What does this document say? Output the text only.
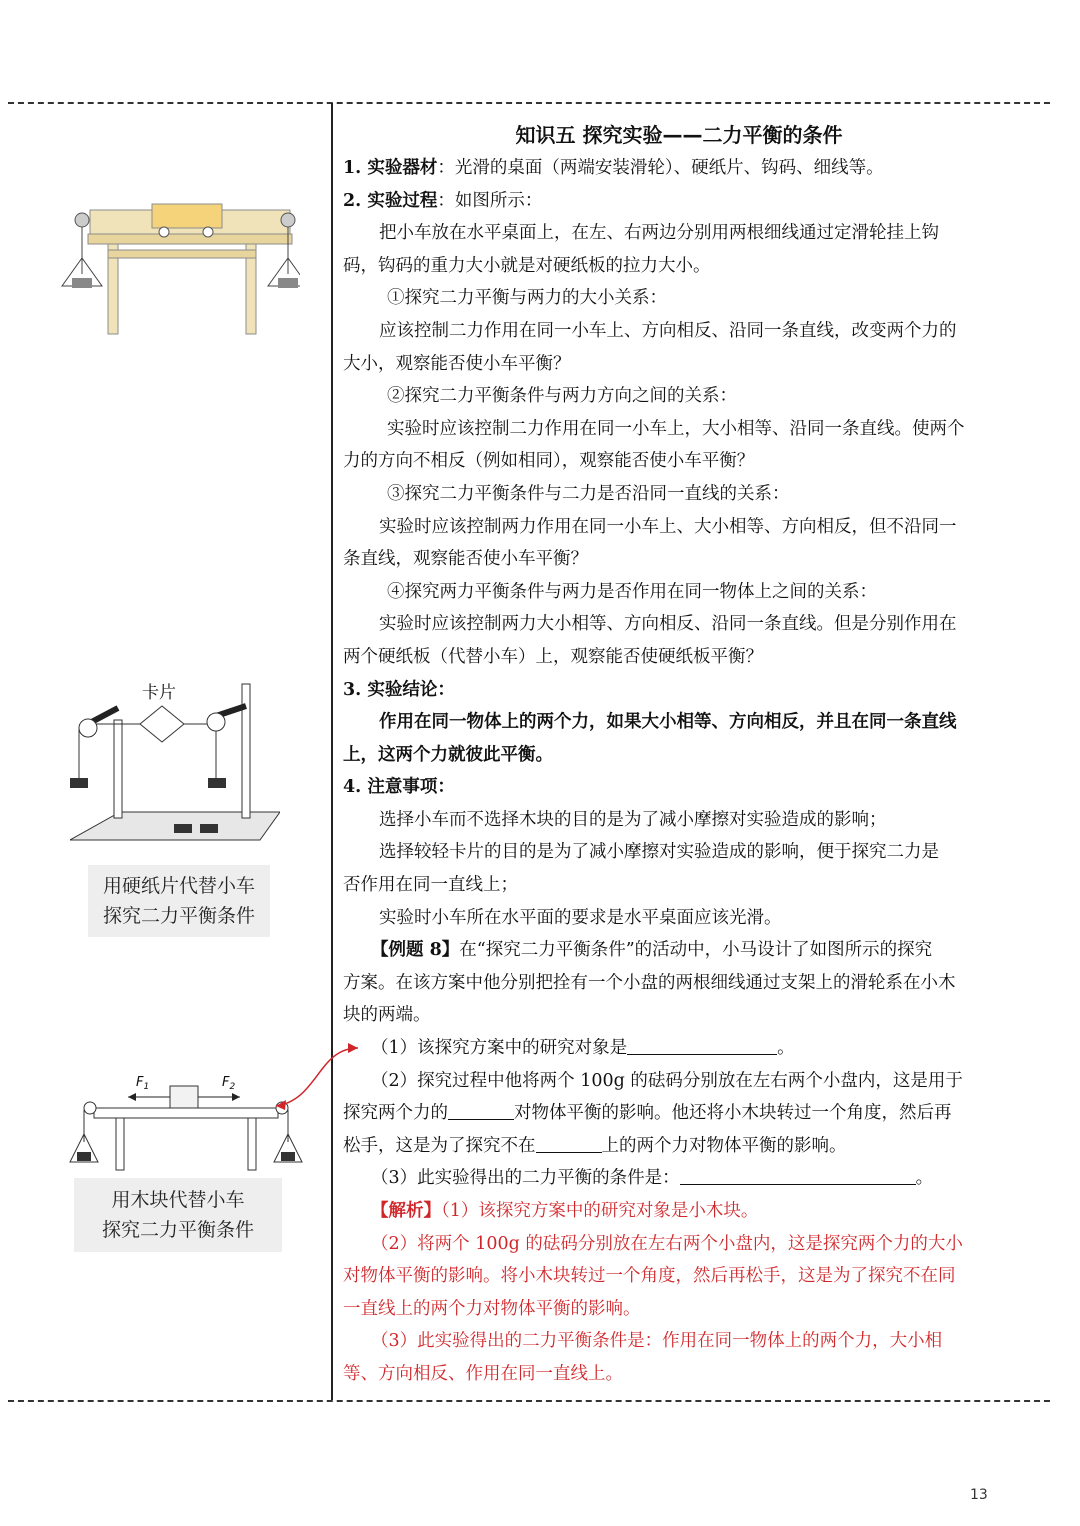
卡片
用硬纸片代替小车
探究二力平衡条件
$F_1$	$F_2$
用木块代替小车
探究二力平衡条件
知识五 探究实验——二力平衡的条件
1. 实验器材：光滑的桌面（两端安装滑轮）、硬纸片、钩码、细线等。
2. 实验过程：如图所示：
把小车放在水平桌面上，在左、右两边分别用两根细线通过定滑轮挂上钩
码，钩码的重力大小就是对硬纸板的拉力大小。
①探究二力平衡与两力的大小关系：
应该控制二力作用在同一小车上、方向相反、沿同一条直线，改变两个力的
大小，观察能否使小车平衡？
②探究二力平衡条件与两力方向之间的关系：
实验时应该控制二力作用在同一小车上，大小相等、沿同一条直线。使两个
力的方向不相反（例如相同），观察能否使小车平衡？
③探究二力平衡条件与二力是否沿同一直线的关系：
实验时应该控制两力作用在同一小车上、大小相等、方向相反，但不沿同一
条直线，观察能否使小车平衡？
④探究两力平衡条件与两力是否作用在同一物体上之间的关系：
实验时应该控制两力大小相等、方向相反、沿同一条直线。但是分别作用在
两个硬纸板（代替小车）上，观察能否使硬纸板平衡？
3. 实验结论：
作用在同一物体上的两个力，如果大小相等、方向相反，并且在同一条直线
上，这两个力就彼此平衡。
4. 注意事项：
选择小车而不选择木块的目的是为了减小摩擦对实验造成的影响；
选择较轻卡片的目的是为了减小摩擦对实验造成的影响，便于探究二力是
否作用在同一直线上；
实验时小车所在水平面的要求是水平桌面应该光滑。
【例题 8】在“探究二力平衡条件”的活动中，小马设计了如图所示的探究
方案。在该方案中他分别把拴有一个小盘的两根细线通过支架上的滑轮系在小木
块的两端。
（1）该探究方案中的研究对象是	。
（2）探究过程中他将两个 100g 的砝码分别放在左右两个小盘内，这是用于
探究两个力的	对物体平衡的影响。他还将小木块转过一个角度，然后再
松手，这是为了探究不在	上的两个力对物体平衡的影响。
（3）此实验得出的二力平衡的条件是：	。
【解析】（1）该探究方案中的研究对象是小木块。
（2）将两个 100g 的砝码分别放在左右两个小盘内，这是探究两个力的大小
对物体平衡的影响。将小木块转过一个角度，然后再松手，这是为了探究不在同
一直线上的两个力对物体平衡的影响。
（3）此实验得出的二力平衡条件是：作用在同一物体上的两个力，大小相
等、方向相反、作用在同一直线上。
13
